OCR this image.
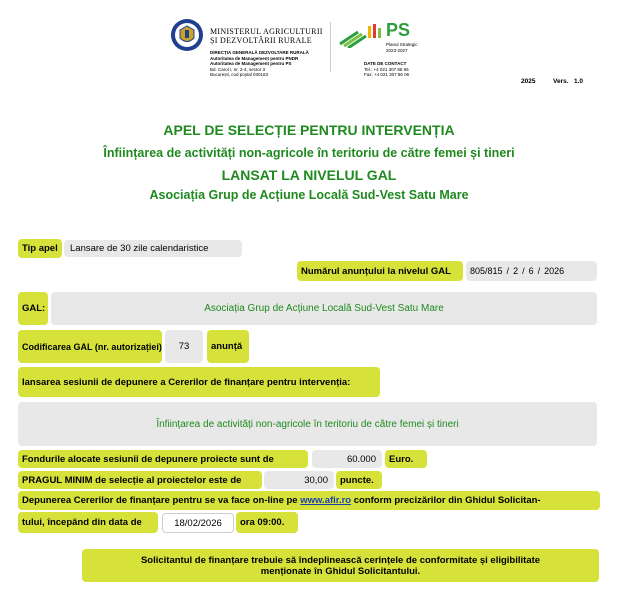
MINISTERUL AGRICULTURII
ȘI DEZVOLTĂRII RURALE
DIRECȚIA GENERALĂ DEZVOLTARE RURALĂ
Autoritatea de Management pentru PNDR
Autoritatea de Management pentru PS
Bd. Carol I, nr. 2-4, sector 3
București, cod poștal 030163
PS
Planul Strategic
2023-2027
DATE DE CONTACT
Tel.: +4 021 307 85 65
Fax: +4 021 307 86 06
2025	Vers.   1.0
APEL DE SELECȚIE PENTRU INTERVENȚIA
Înființarea de activități non-agricole în teritoriu de către femei și tineri
LANSAT LA NIVELUL GAL
Asociația Grup de Acțiune Locală Sud-Vest Satu Mare
Tip apel	Lansare de 30 zile calendaristice
Numărul anunțului la nivelul GAL	805/815 / 2 / 6 / 2026
GAL:	Asociația Grup de Acțiune Locală Sud-Vest Satu Mare
Codificarea GAL (nr. autorizației)	73	anunță
lansarea sesiunii de depunere a Cererilor de finanțare pentru intervenția:
Înființarea de activități non-agricole în teritoriu de către femei și tineri
Fondurile alocate sesiunii de depunere proiecte sunt de	60.000	Euro.
PRAGUL MINIM de selecție al proiectelor este de	30,00	puncte.
Depunerea Cererilor de finanțare pentru se va face on-line pe
www.afir.ro
conform precizărilor din Ghidul Solicitan-
tului, începând din data de	18/02/2026	ora 09:00.
Solicitantul de finanțare trebuie să îndeplinească cerințele de conformitate și eligibilitate
menționate în Ghidul Solicitantului.
